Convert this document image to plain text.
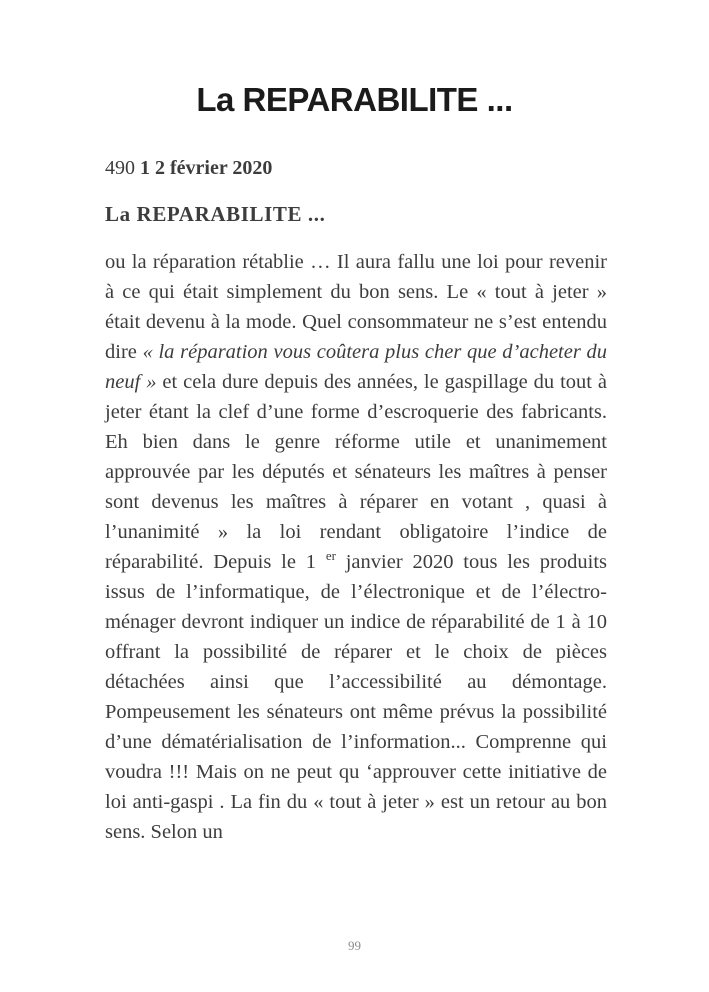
La REPARABILITE ...

490 1 2 février 2020

La REPARABILITE ...

ou la réparation rétablie … Il aura fallu une loi pour revenir à ce qui était simplement du bon sens. Le « tout à jeter » était devenu à la mode. Quel consommateur ne s’est entendu dire « la réparation vous coûtera plus cher que d’acheter du neuf » et cela dure depuis des années, le gaspillage du tout à jeter étant la clef d’une forme d’escroquerie des fabricants. Eh bien dans le genre réforme utile et unanimement approuvée par les députés et sénateurs les maîtres à penser sont devenus les maîtres à réparer en votant , quasi à l’unanimité » la loi rendant obligatoire l’indice de réparabilité. Depuis le 1 $^{er}$ janvier 2020 tous les produits issus de l’informatique, de l’électronique et de l’électro-ménager devront indiquer un indice de réparabilité de 1 à 10 offrant la possibilité de réparer et le choix de pièces détachées ainsi que l’accessibilité au démontage. Pompeusement les sénateurs ont même prévus la possibilité d’une dématérialisation de l’information... Comprenne qui voudra !!! Mais on ne peut qu ‘approuver cette initiative de loi anti-gaspi . La fin du « tout à jeter » est un retour au bon sens. Selon un

99
